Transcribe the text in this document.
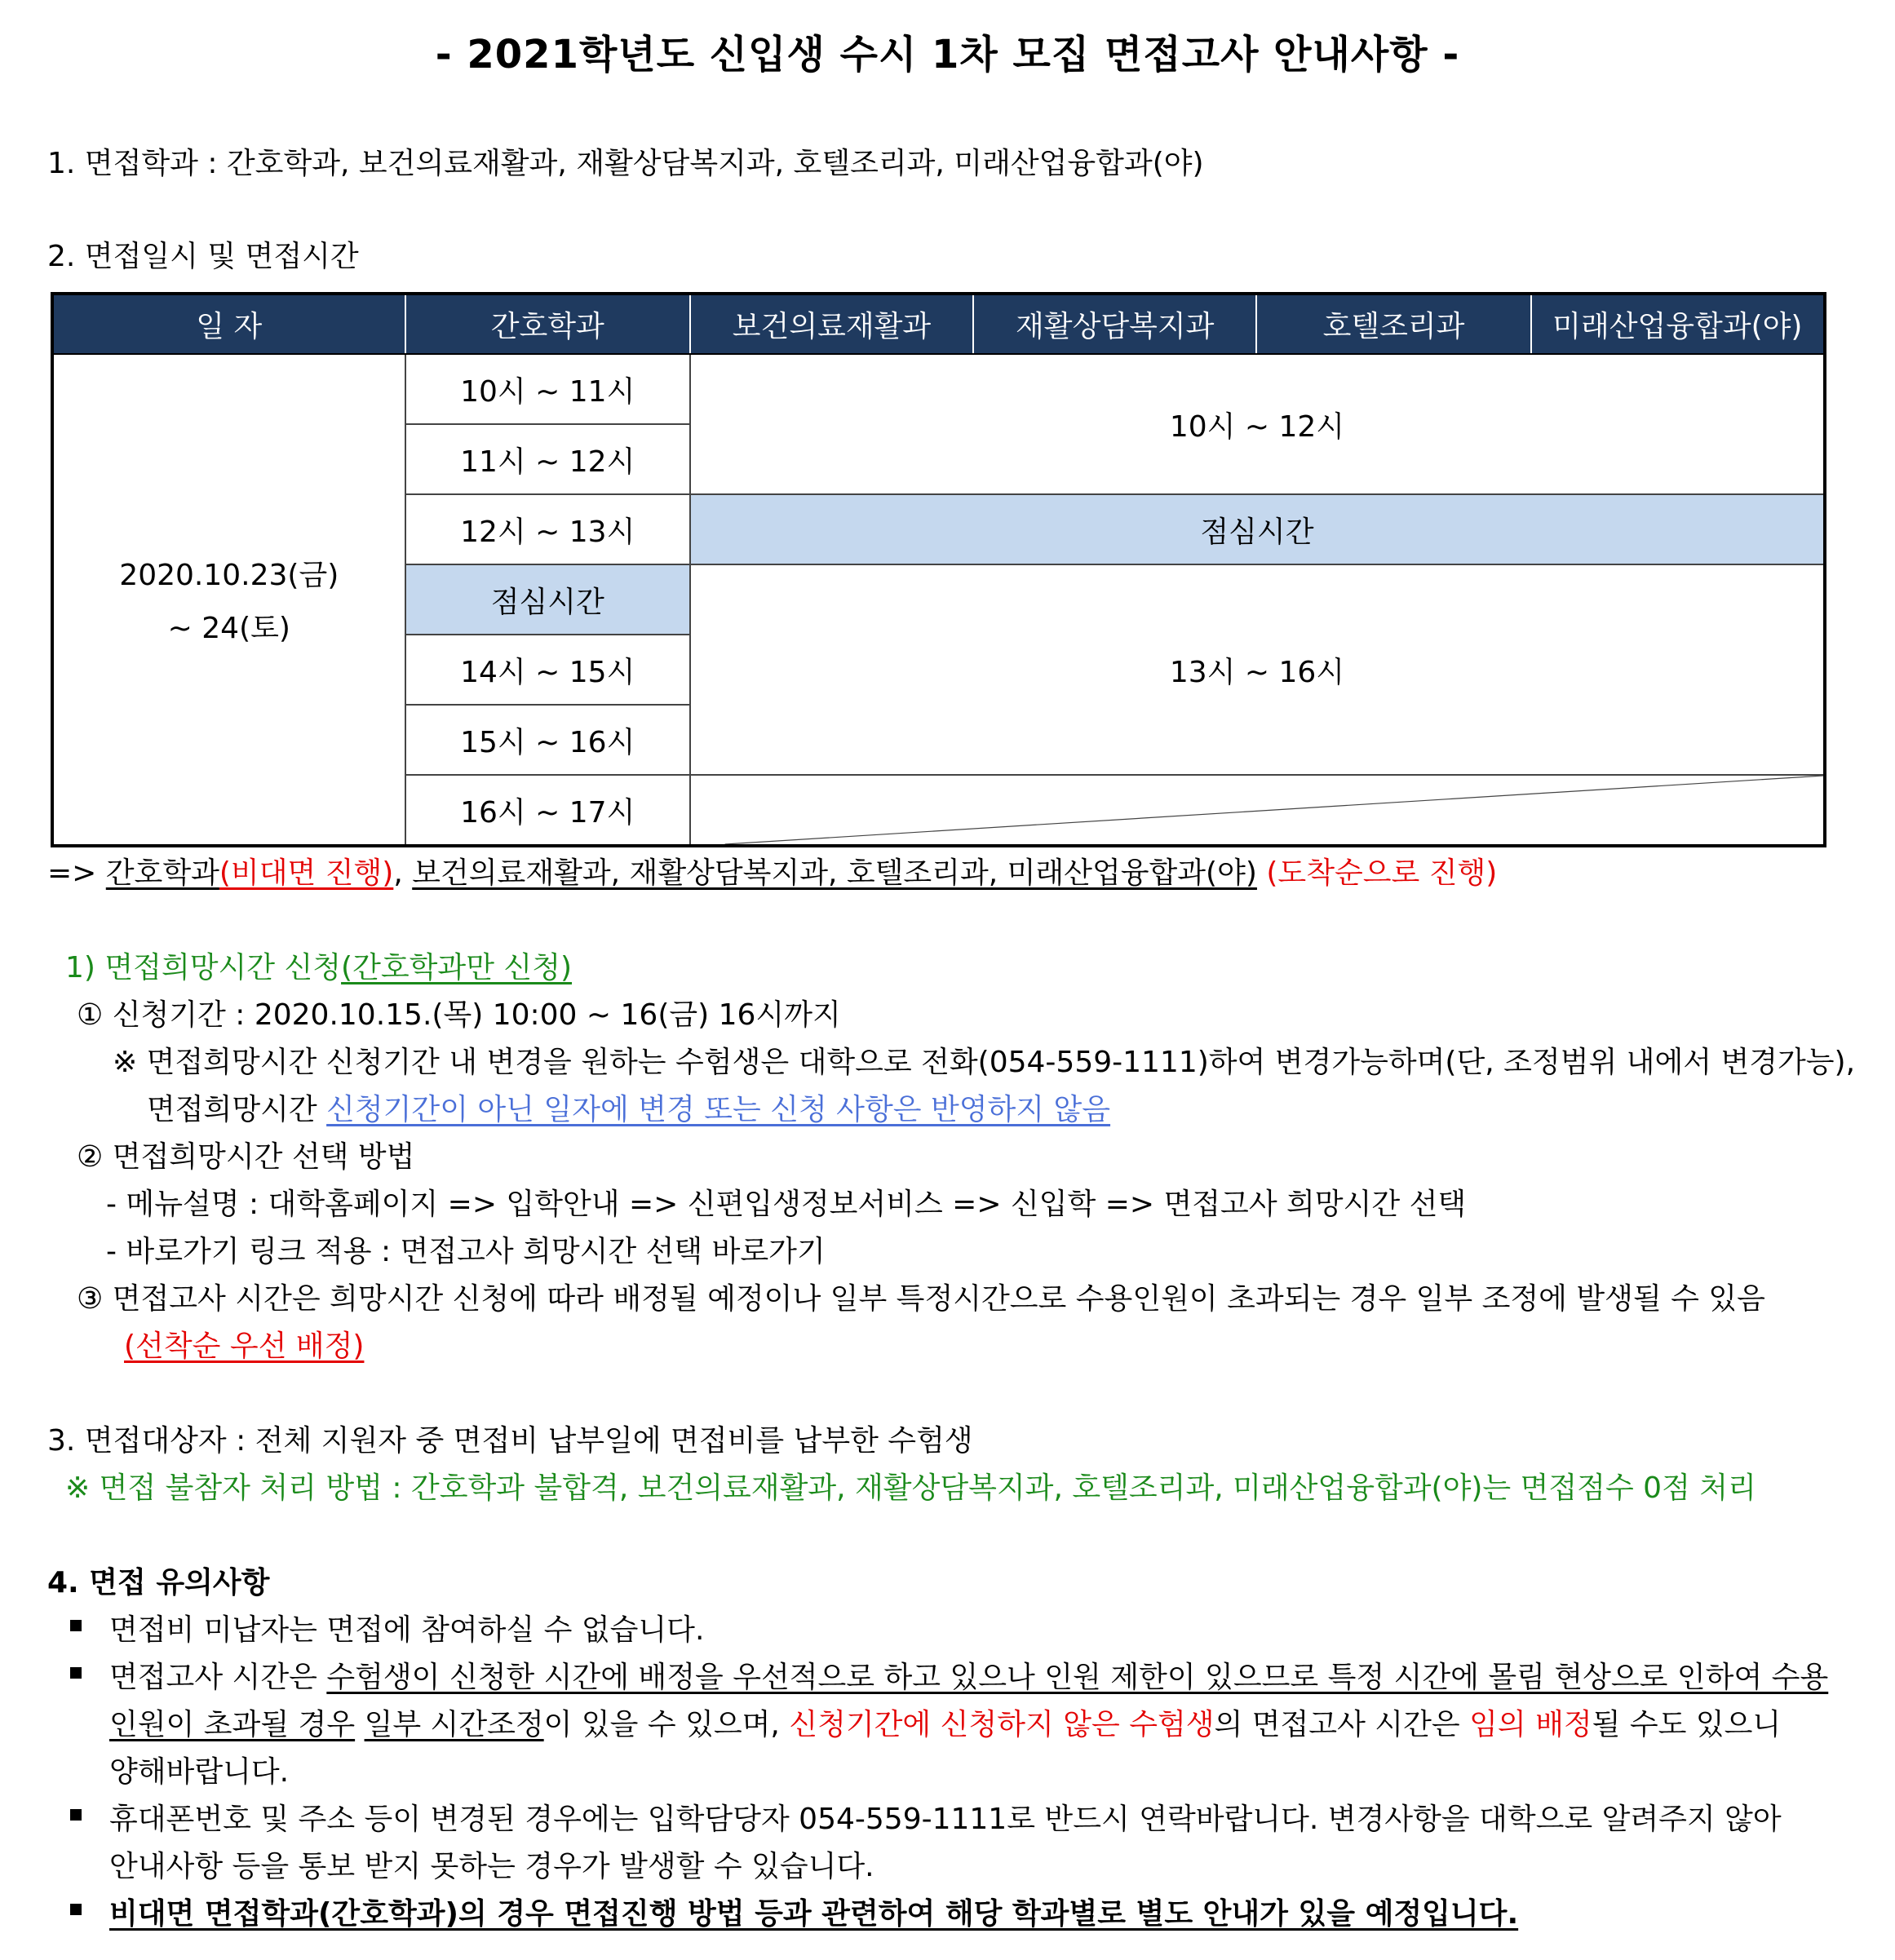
- 2021학년도 신입생 수시 1차 모집 면접고사 안내사항 -
1. 면접학과 : 간호학과, 보건의료재활과, 재활상담복지과, 호텔조리과, 미래산업융합과(야)
2. 면접일시 및 면접시간
일 자	간호학과	보건의료재활과	재활상담복지과	호텔조리과	미래산업융합과(야)

2020.10.23(금)
~ 24(토)	10시 ~ 11시	10시 ~ 12시			
	11시 ~ 12시				
	12시 ~ 13시	점심시간			
	점심시간	13시 ~ 16시			
	14시 ~ 15시				
	15시 ~ 16시				
	16시 ~ 17시	
=> 간호학과(비대면 진행), 보건의료재활과, 재활상담복지과, 호텔조리과, 미래산업융합과(야) (도착순으로 진행)
1) 면접희망시간 신청(간호학과만 신청)
① 신청기간 : 2020.10.15.(목) 10:00 ~ 16(금) 16시까지
※ 면접희망시간 신청기간 내 변경을 원하는 수험생은 대학으로 전화(054-559-1111)하여 변경가능하며(단, 조정범위 내에서 변경가능),
면접희망시간 신청기간이 아닌 일자에 변경 또는 신청 사항은 반영하지 않음
② 면접희망시간 선택 방법
- 메뉴설명 : 대학홈페이지 => 입학안내 => 신편입생정보서비스 => 신입학 => 면접고사 희망시간 선택
- 바로가기 링크 적용 : 면접고사 희망시간 선택 바로가기
③ 면접고사 시간은 희망시간 신청에 따라 배정될 예정이나 일부 특정시간으로 수용인원이 초과되는 경우 일부 조정에 발생될 수 있음
(선착순 우선 배정)
3. 면접대상자 : 전체 지원자 중 면접비 납부일에 면접비를 납부한 수험생
※ 면접 불참자 처리 방법 : 간호학과 불합격, 보건의료재활과, 재활상담복지과, 호텔조리과, 미래산업융합과(야)는 면접점수 0점 처리
4. 면접 유의사항
면접비 미납자는 면접에 참여하실 수 없습니다.
면접고사 시간은 수험생이 신청한 시간에 배정을 우선적으로 하고 있으나 인원 제한이 있으므로 특정 시간에 몰림 현상으로 인하여 수용
인원이 초과될 경우 일부 시간조정이 있을 수 있으며, 신청기간에 신청하지 않은 수험생의 면접고사 시간은 임의 배정될 수도 있으니
양해바랍니다.
휴대폰번호 및 주소 등이 변경된 경우에는 입학담당자 054-559-1111로 반드시 연락바랍니다. 변경사항을 대학으로 알려주지 않아
안내사항 등을 통보 받지 못하는 경우가 발생할 수 있습니다.
비대면 면접학과(간호학과)의 경우 면접진행 방법 등과 관련하여 해당 학과별로 별도 안내가 있을 예정입니다.
